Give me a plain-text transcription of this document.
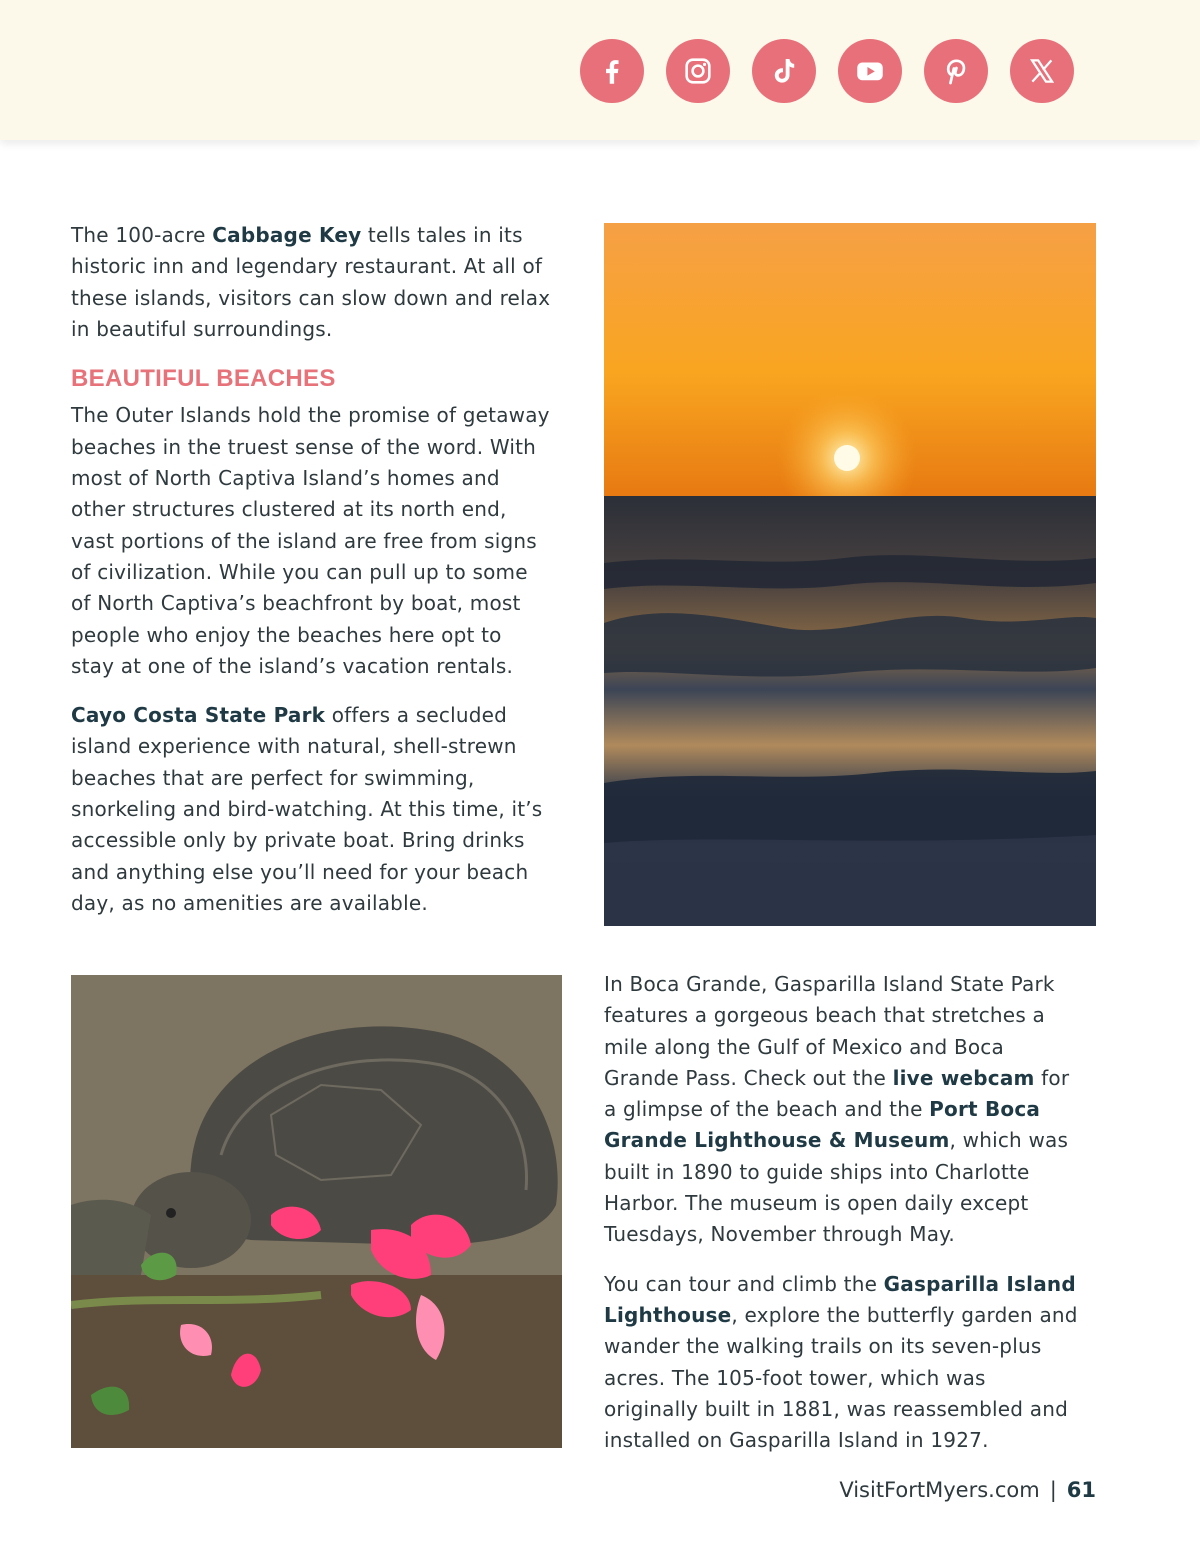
The 100-acre Cabbage Key tells tales in its historic inn and legendary restaurant. At all of these islands, visitors can slow down and relax in beautiful surroundings.

BEAUTIFUL BEACHES

The Outer Islands hold the promise of getaway beaches in the truest sense of the word. With most of North Captiva Island’s homes and other structures clustered at its north end, vast portions of the island are free from signs of civilization. While you can pull up to some of North Captiva’s beachfront by boat, most people who enjoy the beaches here opt to stay at one of the island’s vacation rentals.

Cayo Costa State Park offers a secluded island experience with natural, shell-strewn beaches that are perfect for swimming, snorkeling and bird-watching. At this time, it’s accessible only by private boat. Bring drinks and anything else you’ll need for your beach day, as no amenities are available.

In Boca Grande, Gasparilla Island State Park features a gorgeous beach that stretches a mile along the Gulf of Mexico and Boca Grande Pass. Check out the live webcam for a glimpse of the beach and the Port Boca Grande Lighthouse & Museum, which was built in 1890 to guide ships into Charlotte Harbor. The museum is open daily except Tuesdays, November through May.

You can tour and climb the Gasparilla Island Lighthouse, explore the butterfly garden and wander the walking trails on its seven-plus acres. The 105-foot tower, which was originally built in 1881, was reassembled and installed on Gasparilla Island in 1927.

VisitFortMyers.com | 61
